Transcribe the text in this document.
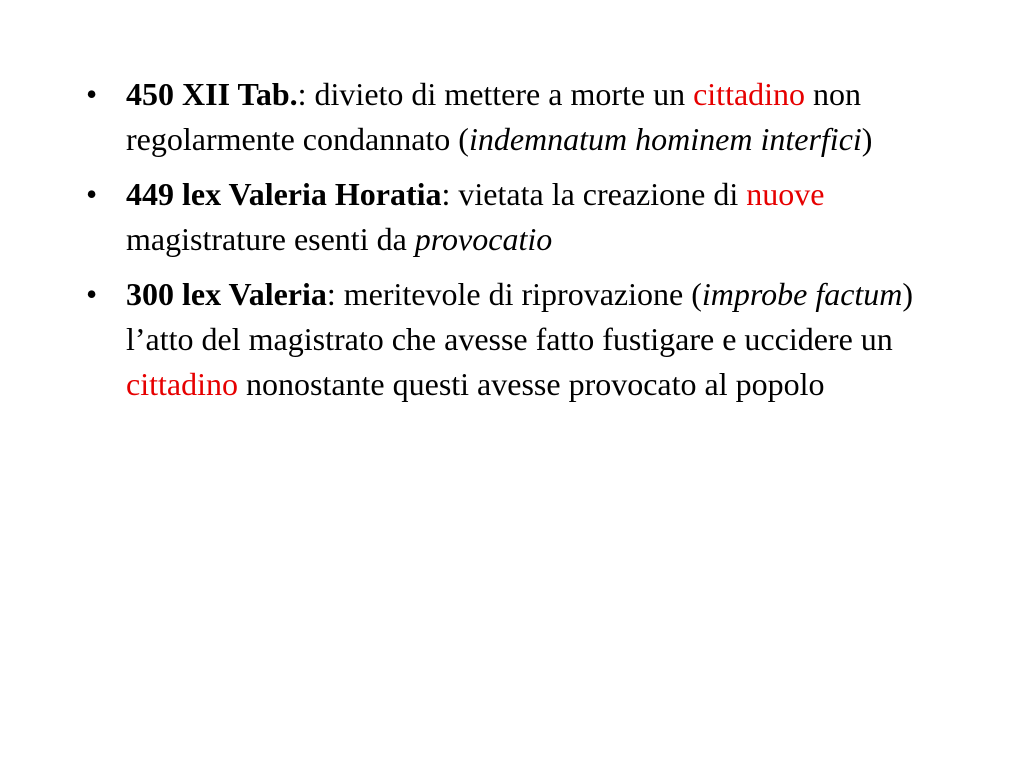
• 450 XII Tab.: divieto di mettere a morte un cittadino non regolarmente condannato (indemnatum hominem interfici)
• 449 lex Valeria Horatia: vietata la creazione di nuove magistrature esenti da provocatio
• 300 lex Valeria: meritevole di riprovazione (improbe factum) l’atto del magistrato che avesse fatto fustigare e uccidere un cittadino nonostante questi avesse provocato al popolo
